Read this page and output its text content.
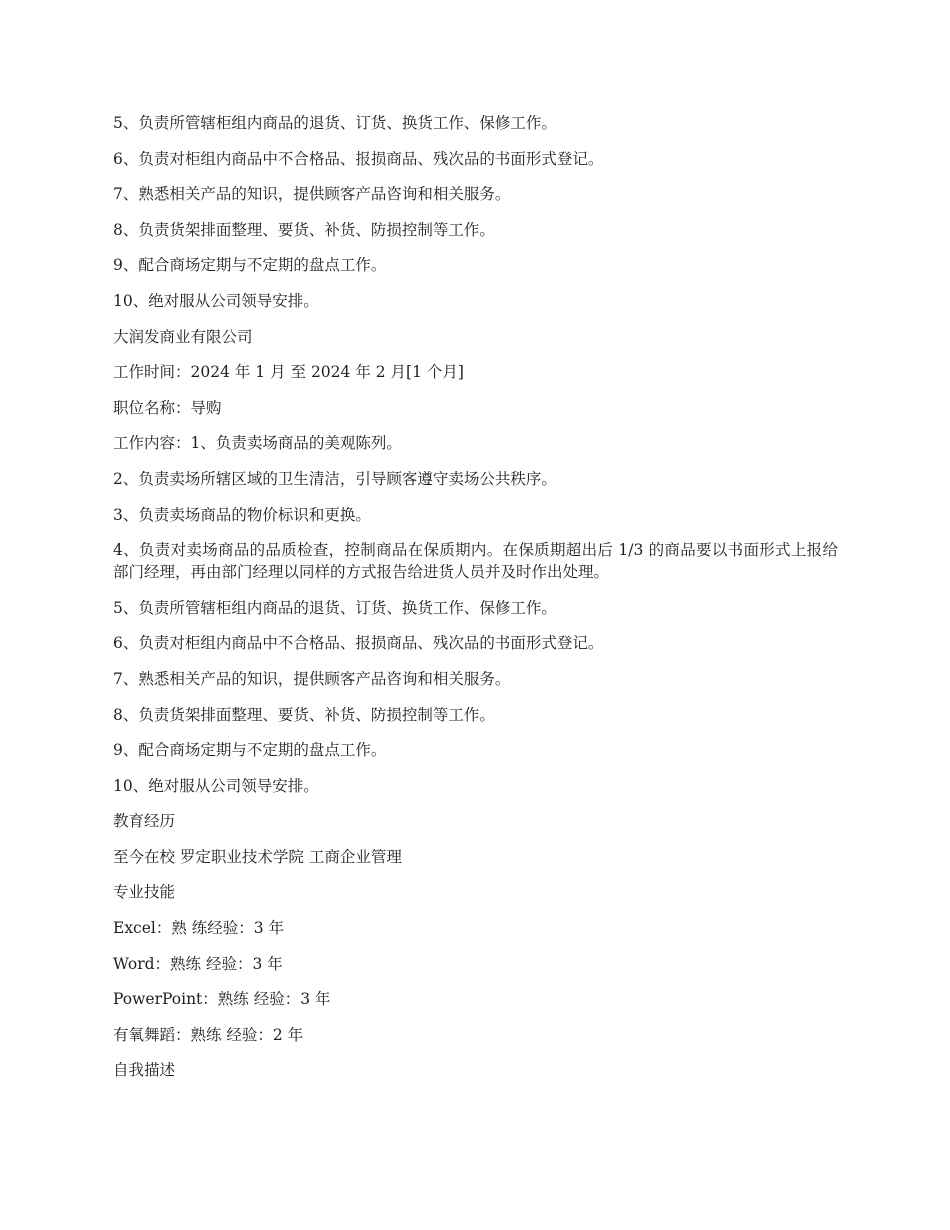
5、负责所管辖柜组内商品的退货、订货、换货工作、保修工作。

6、负责对柜组内商品中不合格品、报损商品、残次品的书面形式登记。

7、熟悉相关产品的知识，提供顾客产品咨询和相关服务。

8、负责货架排面整理、要货、补货、防损控制等工作。

9、配合商场定期与不定期的盘点工作。

10、绝对服从公司领导安排。

大润发商业有限公司

工作时间：2024 年 1 月 至 2024 年 2 月[1 个月]

职位名称：导购

工作内容：1、负责卖场商品的美观陈列。

2、负责卖场所辖区域的卫生清洁，引导顾客遵守卖场公共秩序。

3、负责卖场商品的物价标识和更换。

4、负责对卖场商品的品质检查，控制商品在保质期内。在保质期超出后 1/3 的商品要以书面形式上报给部门经理，再由部门经理以同样的方式报告给进货人员并及时作出处理。

5、负责所管辖柜组内商品的退货、订货、换货工作、保修工作。

6、负责对柜组内商品中不合格品、报损商品、残次品的书面形式登记。

7、熟悉相关产品的知识，提供顾客产品咨询和相关服务。

8、负责货架排面整理、要货、补货、防损控制等工作。

9、配合商场定期与不定期的盘点工作。

10、绝对服从公司领导安排。

教育经历

至今在校 罗定职业技术学院 工商企业管理

专业技能

Excel：熟 练经验：3 年

Word：熟练 经验：3 年

PowerPoint：熟练 经验：3 年

有氧舞蹈：熟练 经验：2 年

自我描述
